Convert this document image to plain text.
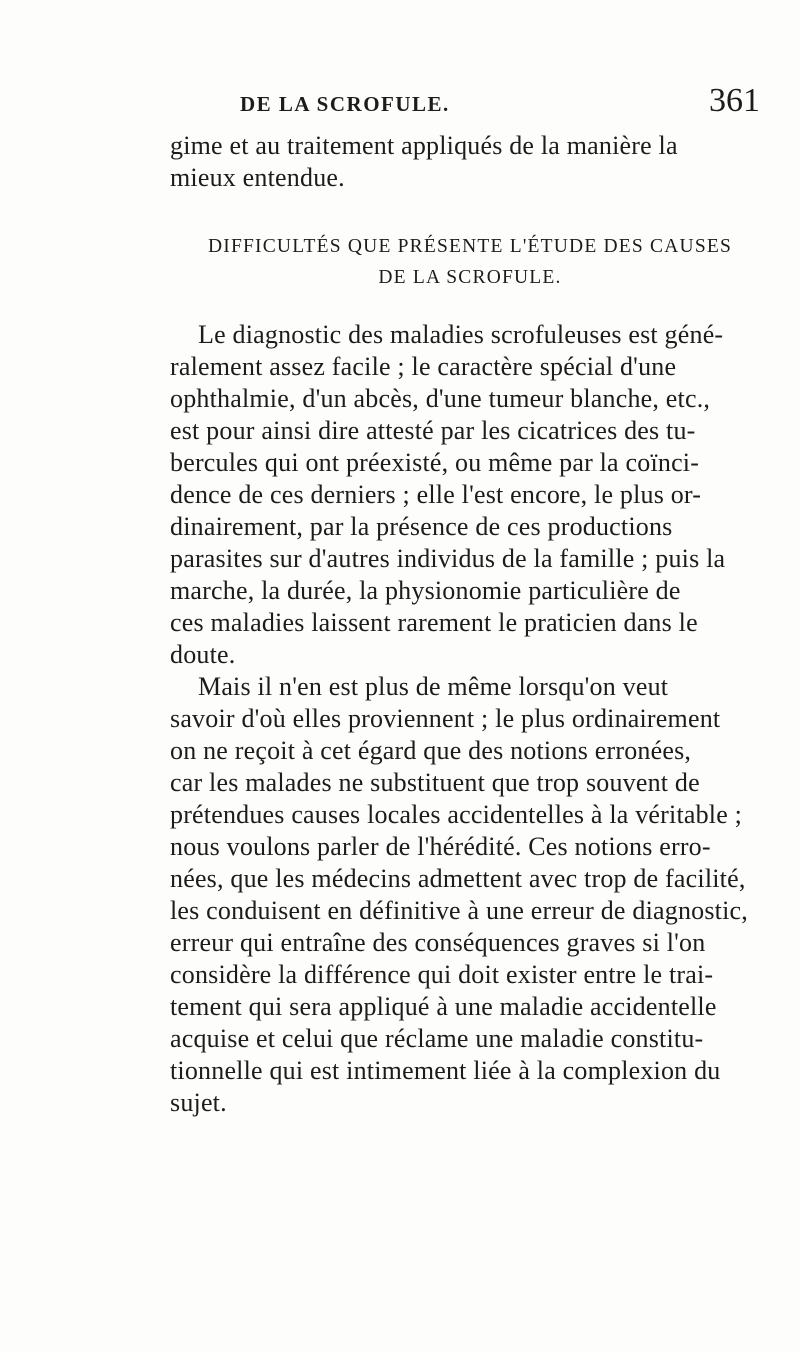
DE LA SCROFULE.	361
gime et au traitement appliqués de la manière la
mieux entendue.
DIFFICULTÉS QUE PRÉSENTE L'ÉTUDE DES CAUSES
DE LA SCROFULE.
Le diagnostic des maladies scrofuleuses est géné-
ralement assez facile ; le caractère spécial d'une
ophthalmie, d'un abcès, d'une tumeur blanche, etc.,
est pour ainsi dire attesté par les cicatrices des tu-
bercules qui ont préexisté, ou même par la coïnci-
dence de ces derniers ; elle l'est encore, le plus or-
dinairement, par la présence de ces productions
parasites sur d'autres individus de la famille ; puis la
marche, la durée, la physionomie particulière de
ces maladies laissent rarement le praticien dans le
doute.
Mais il n'en est plus de même lorsqu'on veut
savoir d'où elles proviennent ; le plus ordinairement
on ne reçoit à cet égard que des notions erronées,
car les malades ne substituent que trop souvent de
prétendues causes locales accidentelles à la véritable ;
nous voulons parler de l'hérédité. Ces notions erro-
nées, que les médecins admettent avec trop de facilité,
les conduisent en définitive à une erreur de diagnostic,
erreur qui entraîne des conséquences graves si l'on
considère la différence qui doit exister entre le trai-
tement qui sera appliqué à une maladie accidentelle
acquise et celui que réclame une maladie constitu-
tionnelle qui est intimement liée à la complexion du
sujet.
